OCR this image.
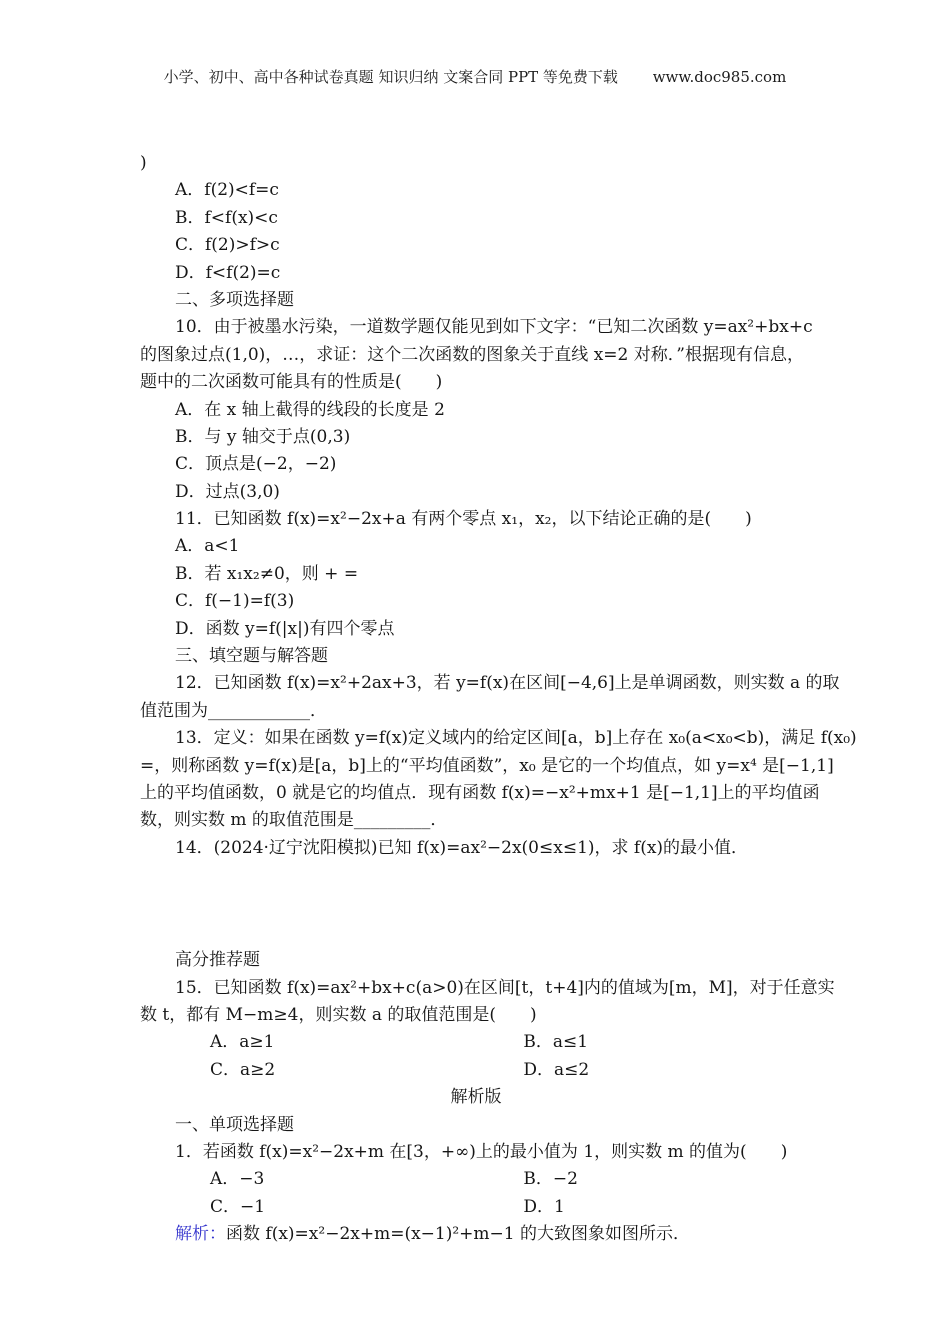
小学、初中、高中各种试卷真题 知识归纳 文案合同 PPT 等免费下载 www.doc985.com
)
A．f(2)<f=c
B．f<f(x)<c
C．f(2)>f>c
D．f<f(2)=c
二、多项选择题
10．由于被墨水污染，一道数学题仅能见到如下文字：“已知二次函数 y=ax²+bx+c
的图象过点(1,0)，…，求证：这个二次函数的图象关于直线 x=2 对称．”根据现有信息，
题中的二次函数可能具有的性质是(　　)
A．在 x 轴上截得的线段的长度是 2
B．与 y 轴交于点(0,3)
C．顶点是(−2，−2)
D．过点(3,0)
11．已知函数 f(x)=x²−2x+a 有两个零点 x₁，x₂，以下结论正确的是(　　)
A．a<1
B．若 x₁x₂≠0，则 + =
C．f(−1)=f(3)
D．函数 y=f(|x|)有四个零点
三、填空题与解答题
12．已知函数 f(x)=x²+2ax+3，若 y=f(x)在区间[−4,6]上是单调函数，则实数 a 的取
值范围为____________．
13．定义：如果在函数 y=f(x)定义域内的给定区间[a，b]上存在 x₀(a<x₀<b)，满足 f(x₀)
=，则称函数 y=f(x)是[a，b]上的“平均值函数”，x₀ 是它的一个均值点，如 y=x⁴ 是[−1,1]
上的平均值函数，0 就是它的均值点．现有函数 f(x)=−x²+mx+1 是[−1,1]上的平均值函
数，则实数 m 的取值范围是_________．
14．(2024·辽宁沈阳模拟)已知 f(x)=ax²−2x(0≤x≤1)，求 f(x)的最小值．
高分推荐题
15．已知函数 f(x)=ax²+bx+c(a>0)在区间[t，t+4]内的值域为[m，M]，对于任意实
数 t，都有 M−m≥4，则实数 a 的取值范围是(　　)
A．a≥1	B．a≤1
C．a≥2	D．a≤2
解析版
一、单项选择题
1．若函数 f(x)=x²−2x+m 在[3，+∞)上的最小值为 1，则实数 m 的值为(　　)
A．−3	B．−2
C．−1	D．1
解析：函数 f(x)=x²−2x+m=(x−1)²+m−1 的大致图象如图所示．
